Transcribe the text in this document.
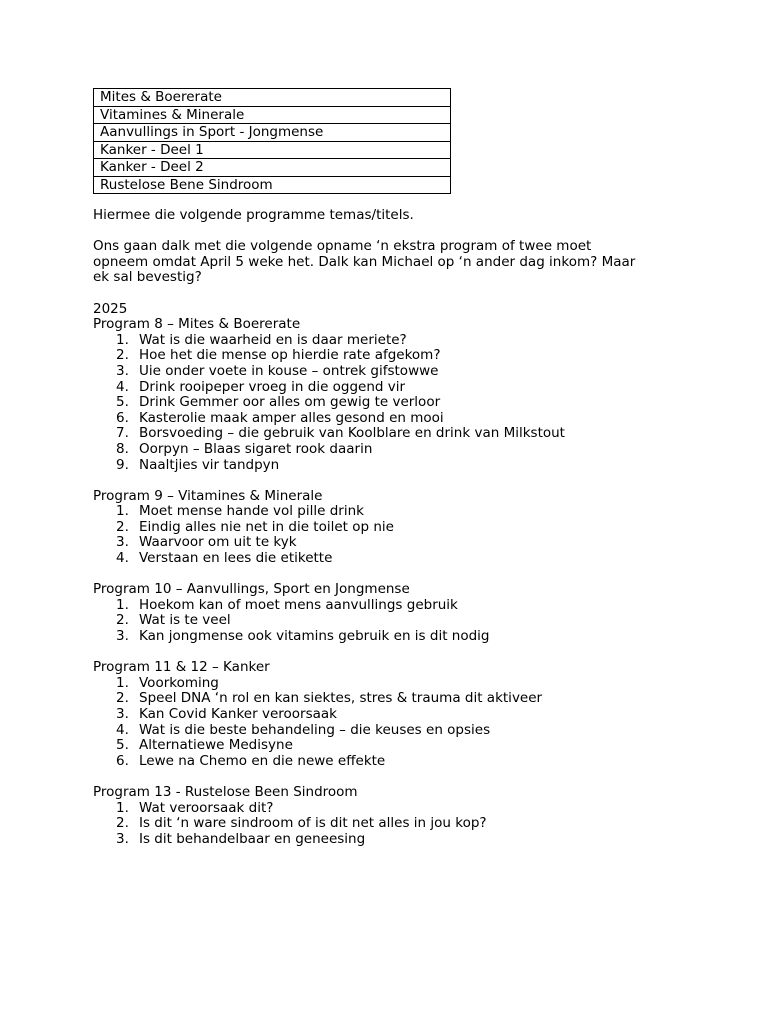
Mites & Boererate
Vitamines & Minerale
Aanvullings in Sport - Jongmense
Kanker - Deel 1
Kanker - Deel 2
Rustelose Bene Sindroom

Hiermee die volgende programme temas/titels.

Ons gaan dalk met die volgende opname ‘n ekstra program of twee moet
opneem omdat April 5 weke het. Dalk kan Michael op ‘n ander dag inkom? Maar
ek sal bevestig?

2025
Program 8 – Mites & Boererate
1. Wat is die waarheid en is daar meriete?
2. Hoe het die mense op hierdie rate afgekom?
3. Uie onder voete in kouse – ontrek gifstowwe
4. Drink rooipeper vroeg in die oggend vir
5. Drink Gemmer oor alles om gewig te verloor
6. Kasterolie maak amper alles gesond en mooi
7. Borsvoeding – die gebruik van Koolblare en drink van Milkstout
8. Oorpyn – Blaas sigaret rook daarin
9. Naaltjies vir tandpyn
Program 9 – Vitamines & Minerale
1. Moet mense hande vol pille drink
2. Eindig alles nie net in die toilet op nie
3. Waarvoor om uit te kyk
4. Verstaan en lees die etikette
Program 10 – Aanvullings, Sport en Jongmense
1. Hoekom kan of moet mens aanvullings gebruik
2. Wat is te veel
3. Kan jongmense ook vitamins gebruik en is dit nodig
Program 11 & 12 – Kanker
1. Voorkoming
2. Speel DNA ‘n rol en kan siektes, stres & trauma dit aktiveer
3. Kan Covid Kanker veroorsaak
4. Wat is die beste behandeling – die keuses en opsies
5. Alternatiewe Medisyne
6. Lewe na Chemo en die newe effekte
Program 13 - Rustelose Been Sindroom
1. Wat veroorsaak dit?
2. Is dit ‘n ware sindroom of is dit net alles in jou kop?
3. Is dit behandelbaar en geneesing
